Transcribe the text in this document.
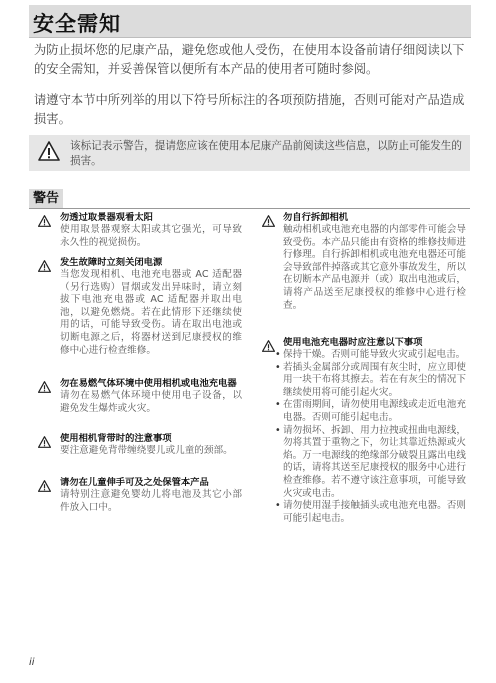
安全需知

为防止损坏您的尼康产品，避免您或他人受伤，在使用本设备前请仔细阅读以下的安全需知，并妥善保管以便所有本产品的使用者可随时参阅。

请遵守本节中所列举的用以下符号所标注的各项预防措施，否则可能对产品造成损害。

该标记表示警告，提请您应该在使用本尼康产品前阅读这些信息，以防止可能发生的损害。
警告
勿透过取景器观看太阳

使用取景器观察太阳或其它强光，可导致永久性的视觉损伤。

发生故障时立刻关闭电源

当您发现相机、电池充电器或 AC 适配器（另行选购）冒烟或发出异味时，请立刻拔下电池充电器或 AC 适配器并取出电池，以避免燃烧。若在此情形下还继续使用的话，可能导致受伤。请在取出电池或切断电源之后，将器材送到尼康授权的维修中心进行检查维修。

勿在易燃气体环境中使用相机或电池充电器

请勿在易燃气体环境中使用电子设备，以避免发生爆炸或火灾。

使用相机背带时的注意事项

要注意避免背带缠绕婴儿或儿童的颈部。

请勿在儿童伸手可及之处保管本产品

请特别注意避免婴幼儿将电池及其它小部件放入口中。

勿自行拆卸相机

触动相机或电池充电器的内部零件可能会导致受伤。本产品只能由有资格的维修技师进行修理。自行拆卸相机或电池充电器还可能会导致部件掉落或其它意外事故发生，所以在切断本产品电源并（或）取出电池或后，请将产品送至尼康授权的维修中心进行检查。

使用电池充电器时应注意以下事项
• 保持干燥。否则可能导致火灾或引起电击。
• 若插头金属部分或周围有灰尘时，应立即使用一块干布将其擦去。若在有灰尘的情况下继续使用将可能引起火灾。
• 在雷雨期间，请勿使用电源线或走近电池充电器。否则可能引起电击。
• 请勿损坏、拆卸、用力拉拽或扭曲电源线，勿将其置于重物之下，勿让其靠近热源或火焰。万一电源线的绝缘部分破裂且露出电线的话，请将其送至尼康授权的服务中心进行检查维修。若不遵守该注意事项，可能导致火灾或电击。
• 请勿使用湿手接触插头或电池充电器。否则可能引起电击。
ii
